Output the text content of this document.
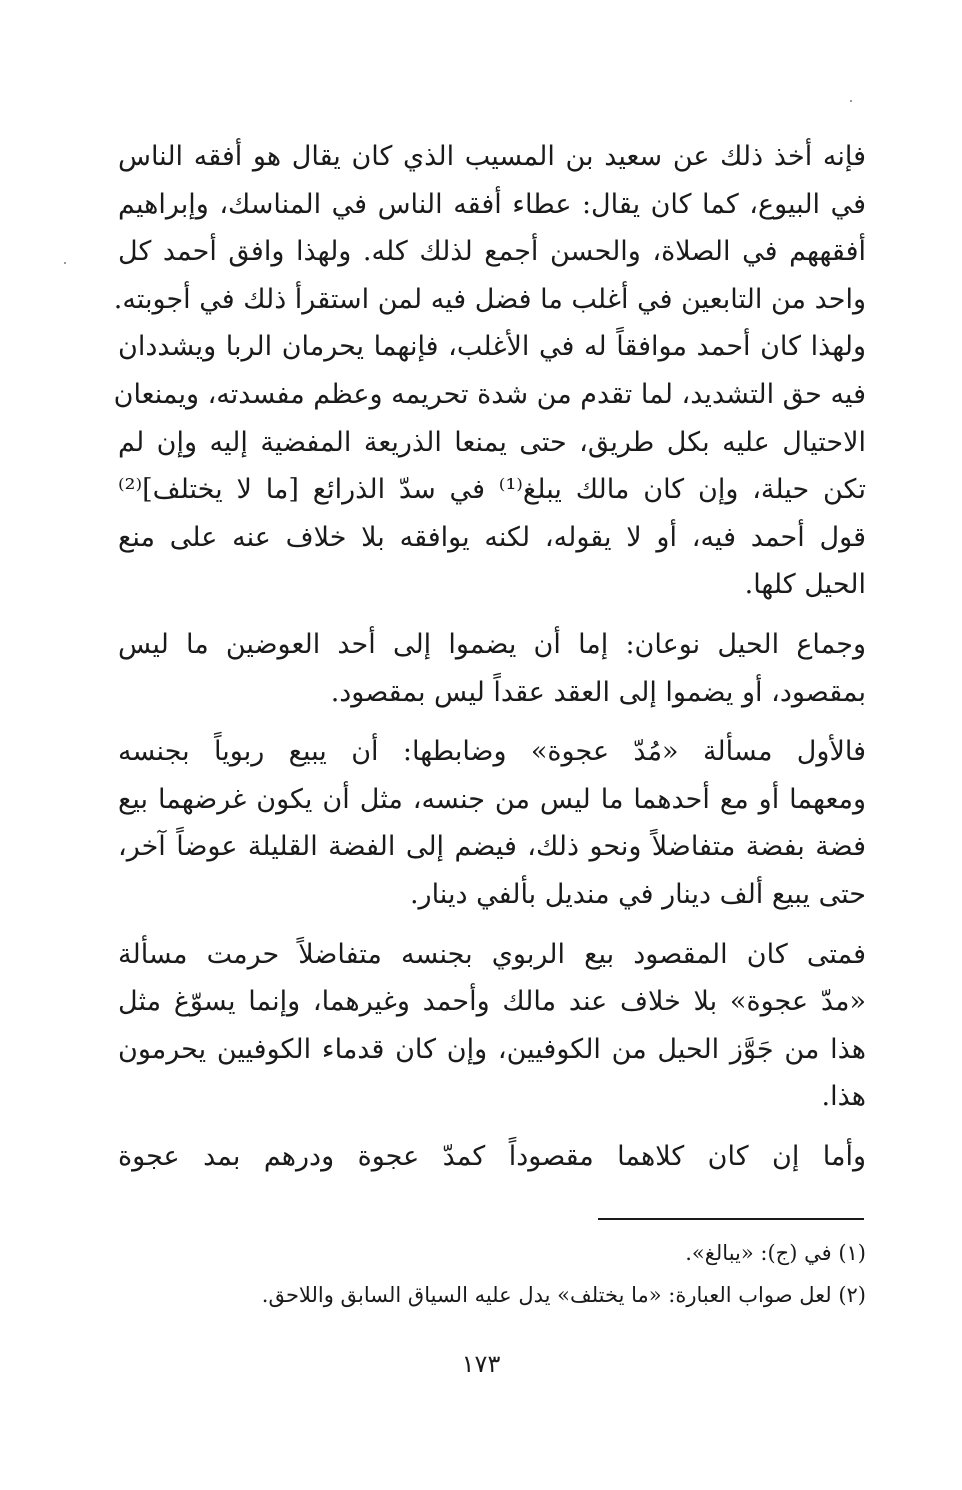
فإنه أخذ ذلك عن سعيد بن المسيب الذي كان يقال هو أفقه الناس
في البيوع، كما كان يقال: عطاء أفقه الناس في المناسك، وإبراهيم
أفقههم في الصلاة، والحسن أجمع لذلك كله. ولهذا وافق أحمد كل
واحد من التابعين في أغلب ما فضل فيه لمن استقرأ ذلك في أجوبته.
ولهذا كان أحمد موافقاً له في الأغلب، فإنهما يحرمان الربا ويشددان
فيه حق التشديد، لما تقدم من شدة تحريمه وعظم مفسدته، ويمنعان
الاحتيال عليه بكل طريق، حتى يمنعا الذريعة المفضية إليه وإن لم
تكن حيلة، وإن كان مالك يبلغ⁽¹⁾ في سدّ الذرائع [ما لا يختلف]⁽²⁾
قول أحمد فيه، أو لا يقوله، لكنه يوافقه بلا خلاف عنه على منع
الحيل كلها.
وجماع الحيل نوعان: إما أن يضموا إلى أحد العوضين ما ليس
بمقصود، أو يضموا إلى العقد عقداً ليس بمقصود.
فالأول مسألة «مُدّ عجوة» وضابطها: أن يبيع ربوياً بجنسه
ومعهما أو مع أحدهما ما ليس من جنسه، مثل أن يكون غرضهما بيع
فضة بفضة متفاضلاً ونحو ذلك، فيضم إلى الفضة القليلة عوضاً آخر،
حتى يبيع ألف دينار في منديل بألفي دينار.
فمتى كان المقصود بيع الربوي بجنسه متفاضلاً حرمت مسألة
«مدّ عجوة» بلا خلاف عند مالك وأحمد وغيرهما، وإنما يسوّغ مثل
هذا من جَوَّز الحيل من الكوفيين، وإن كان قدماء الكوفيين يحرمون
هذا.
وأما إن كان كلاهما مقصوداً كمدّ عجوة ودرهم بمد عجوة
(١) في (ج): «يبالغ».
(٢) لعل صواب العبارة: «ما يختلف» يدل عليه السياق السابق واللاحق.
١٧٣
